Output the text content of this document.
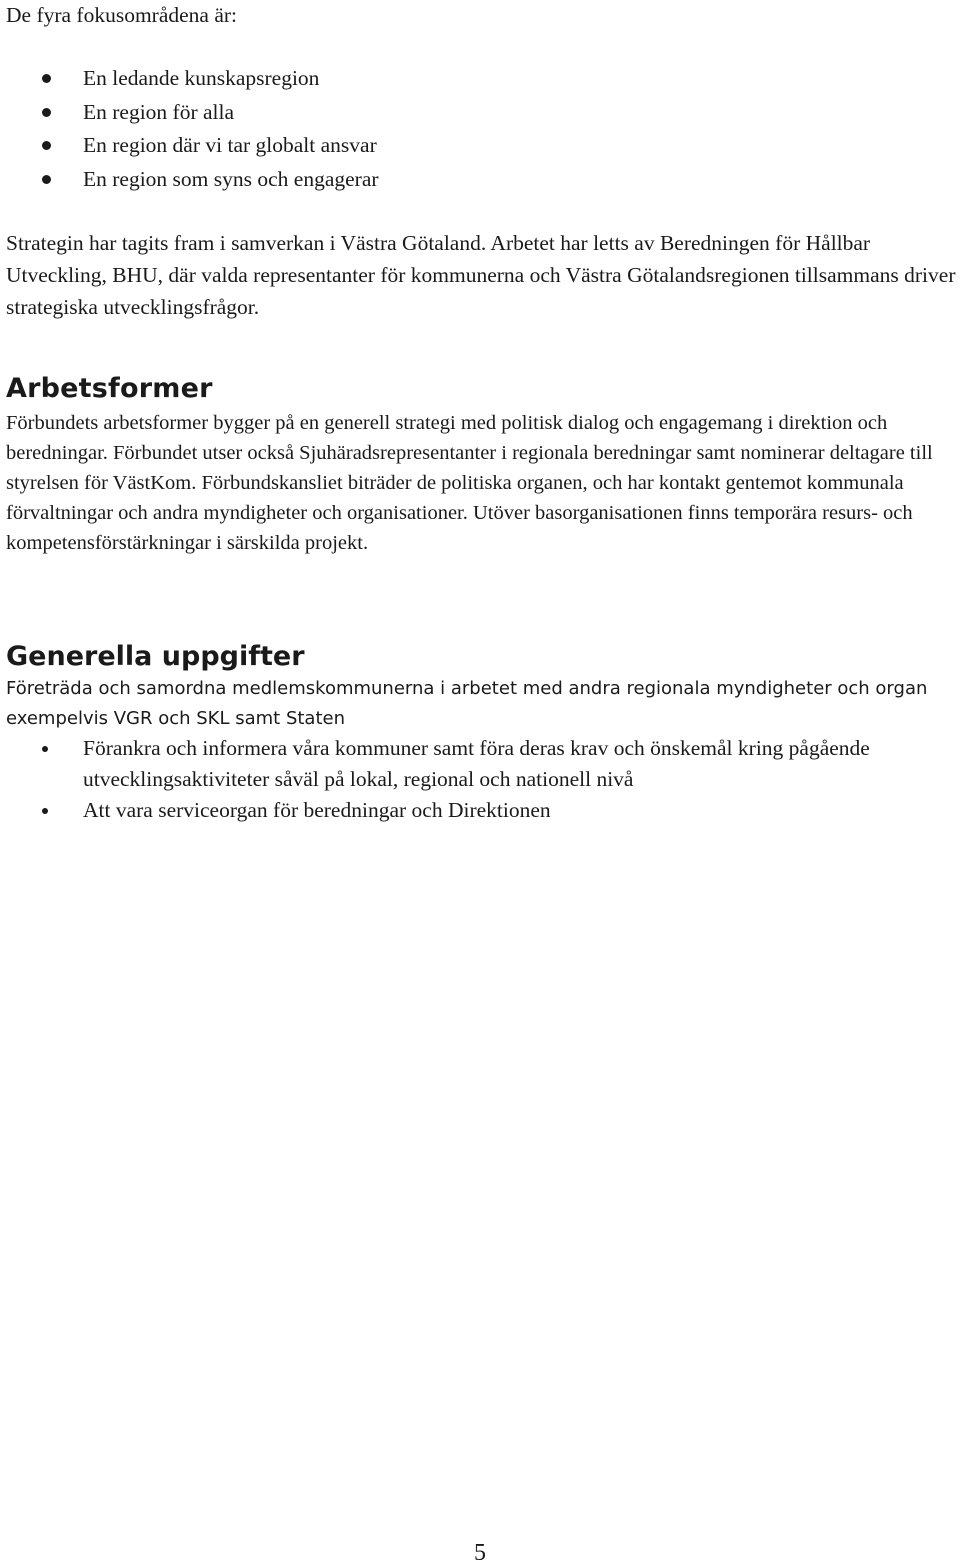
De fyra fokusområdena är:

En ledande kunskapsregion
En region för alla
En region där vi tar globalt ansvar
En region som syns och engagerar

Strategin har tagits fram i samverkan i Västra Götaland. Arbetet har letts av Beredningen för Hållbar Utveckling, BHU, där valda representanter för kommunerna och Västra Götalandsregionen tillsammans driver strategiska utvecklingsfrågor.

Arbetsformer

Förbundets arbetsformer bygger på en generell strategi med politisk dialog och engagemang i direktion och beredningar. Förbundet utser också Sjuhäradsrepresentanter i regionala beredningar samt nominerar deltagare till styrelsen för VästKom. Förbundskansliet biträder de politiska organen, och har kontakt gentemot kommunala förvaltningar och andra myndigheter och organisationer. Utöver basorganisationen finns temporära resurs- och kompetensförstärkningar i särskilda projekt.

Generella uppgifter

Företräda och samordna medlemskommunerna i arbetet med andra regionala myndigheter och organ exempelvis VGR och SKL samt Staten

Förankra och informera våra kommuner samt föra deras krav och önskemål kring pågående utvecklingsaktiviteter såväl på lokal, regional och nationell nivå
Att vara serviceorgan för beredningar och Direktionen
5
